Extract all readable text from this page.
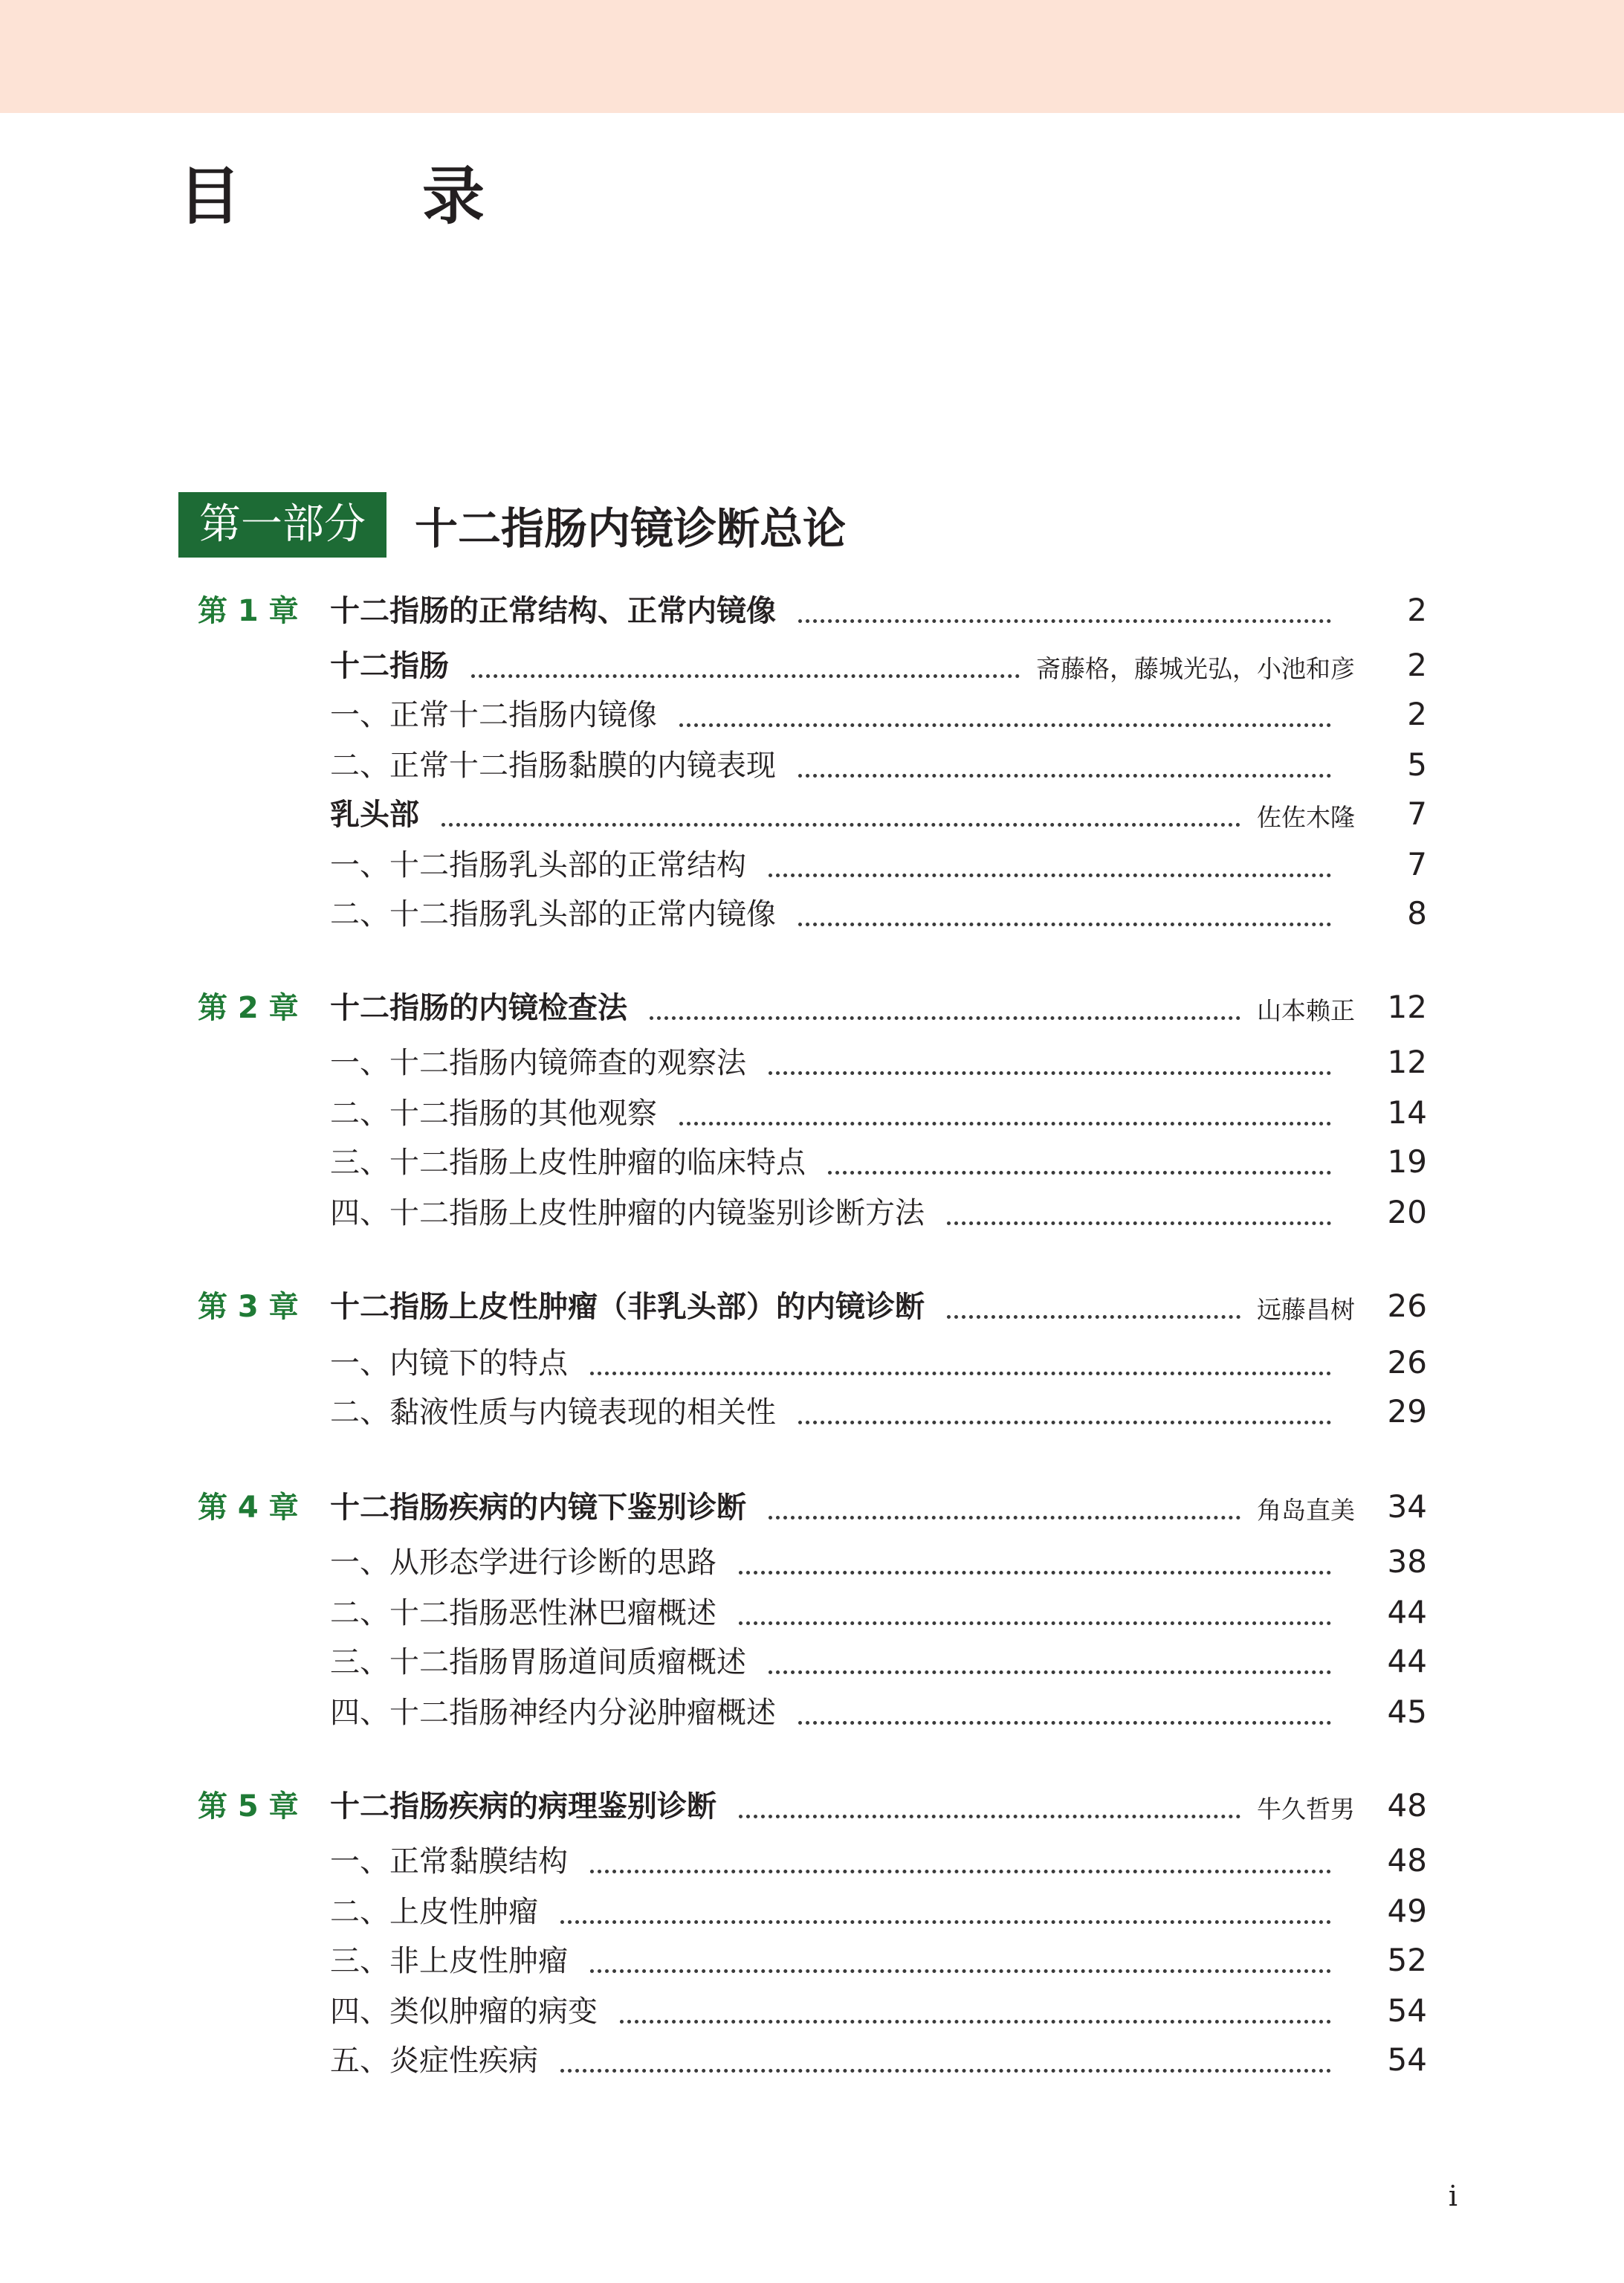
目　录
第一部分	十二指肠内镜诊断总论
第 1 章 十二指肠的正常结构、正常内镜像	2
十二指肠	斋藤格，藤城光弘，小池和彦 2
一、正常十二指肠内镜像	2
二、正常十二指肠黏膜的内镜表现	5
乳头部	佐佐木隆 7
一、十二指肠乳头部的正常结构	7
二、十二指肠乳头部的正常内镜像	8
第 2 章 十二指肠的内镜检查法	山本赖正 12
一、十二指肠内镜筛查的观察法	12
二、十二指肠的其他观察	14
三、十二指肠上皮性肿瘤的临床特点	19
四、十二指肠上皮性肿瘤的内镜鉴别诊断方法	20
第 3 章 十二指肠上皮性肿瘤（非乳头部）的内镜诊断	远藤昌树 26
一、内镜下的特点	26
二、黏液性质与内镜表现的相关性	29
第 4 章 十二指肠疾病的内镜下鉴别诊断	角岛直美 34
一、从形态学进行诊断的思路	38
二、十二指肠恶性淋巴瘤概述	44
三、十二指肠胃肠道间质瘤概述	44
四、十二指肠神经内分泌肿瘤概述	45
第 5 章 十二指肠疾病的病理鉴别诊断	牛久哲男 48
一、正常黏膜结构	48
二、上皮性肿瘤	49
三、非上皮性肿瘤	52
四、类似肿瘤的病变	54
五、炎症性疾病	54
i
